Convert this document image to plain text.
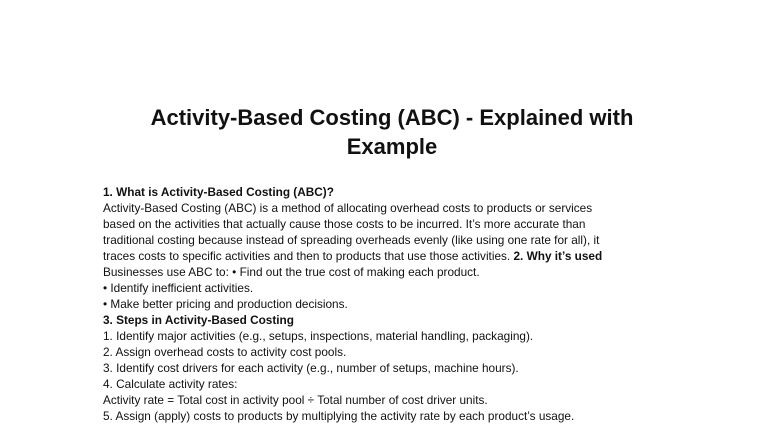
Activity-Based Costing (ABC) - Explained with
Example
1. What is Activity-Based Costing (ABC)?
Activity-Based Costing (ABC) is a method of allocating overhead costs to products or services
based on the activities that actually cause those costs to be incurred. It’s more accurate than
traditional costing because instead of spreading overheads evenly (like using one rate for all), it
traces costs to specific activities and then to products that use those activities. 2. Why it’s used
Businesses use ABC to: • Find out the true cost of making each product.
• Identify inefficient activities.
• Make better pricing and production decisions.
3. Steps in Activity-Based Costing
1. Identify major activities (e.g., setups, inspections, material handling, packaging).
2. Assign overhead costs to activity cost pools.
3. Identify cost drivers for each activity (e.g., number of setups, machine hours).
4. Calculate activity rates:
Activity rate = Total cost in activity pool ÷ Total number of cost driver units.
5. Assign (apply) costs to products by multiplying the activity rate by each product’s usage.
